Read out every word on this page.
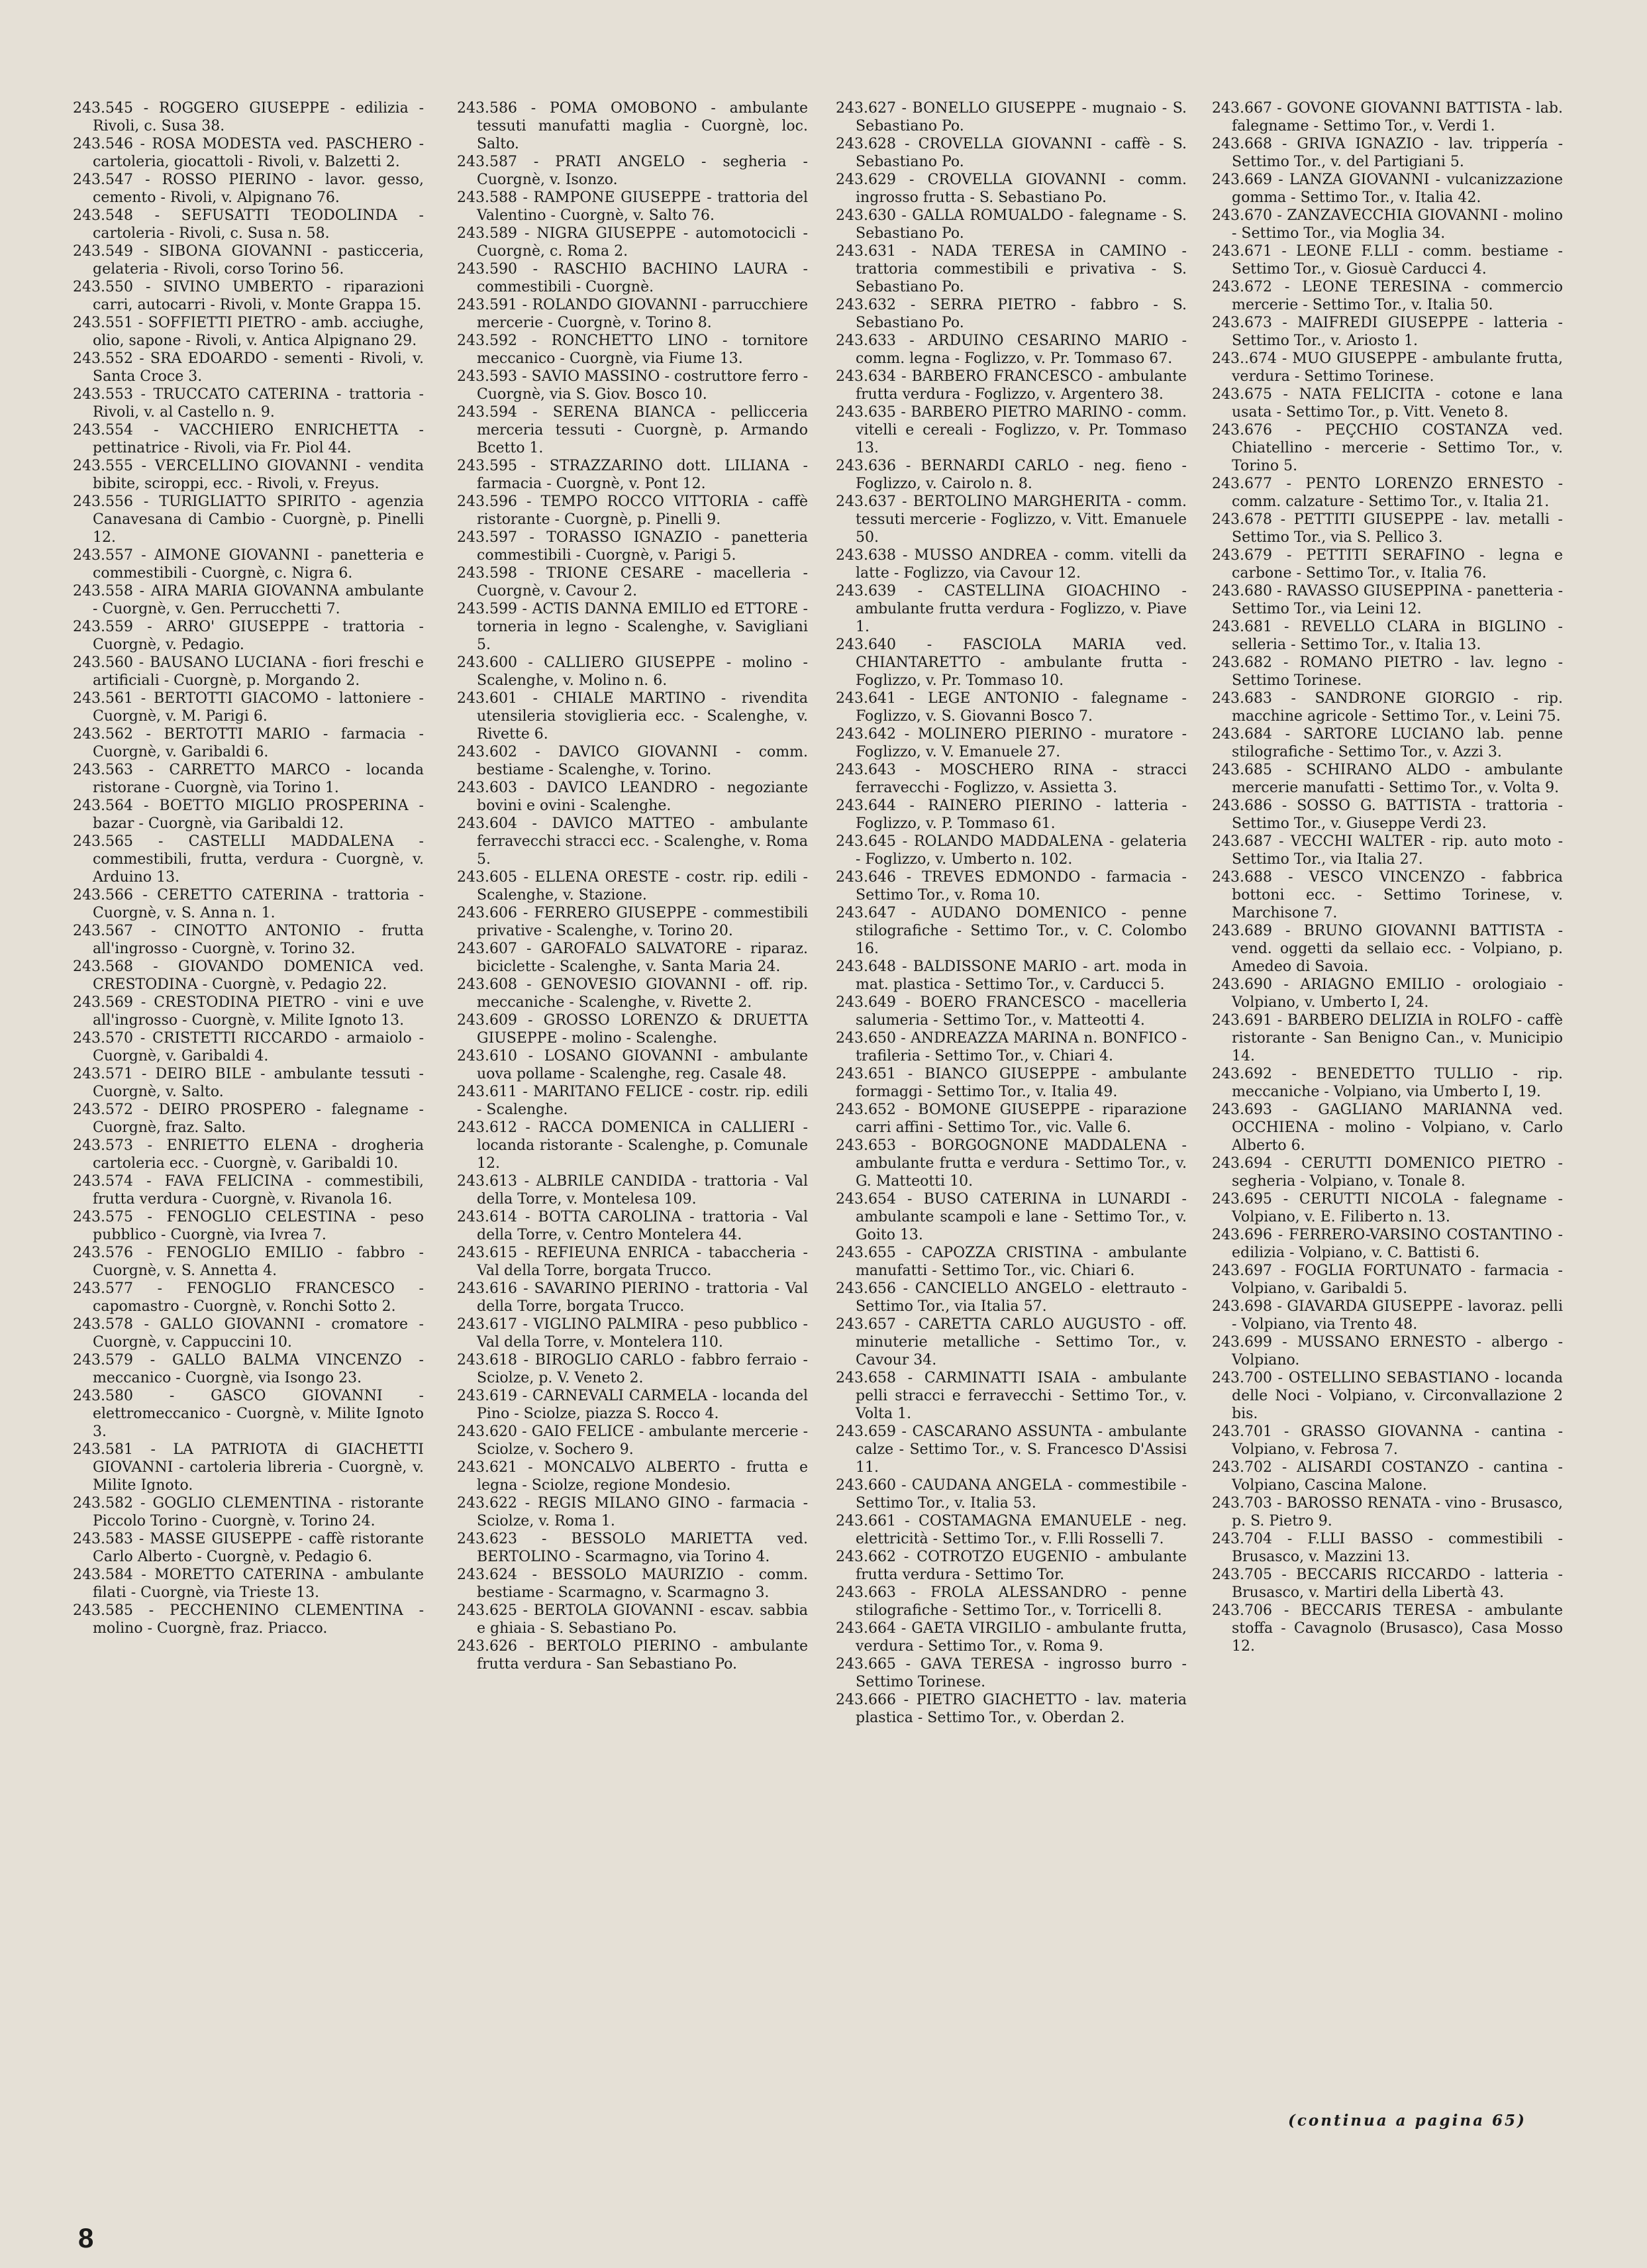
243.545 - ROGGERO GIUSEPPE - edilizia - Rivoli, c. Susa 38.

243.546 - ROSA MODESTA ved. PASCHERO - cartoleria, giocattoli - Rivoli, v. Balzetti 2.

243.547 - ROSSO PIERINO - lavor. gesso, cemento - Rivoli, v. Alpignano 76.

243.548 - SEFUSATTI TEODOLINDA - cartoleria - Rivoli, c. Susa n. 58.

243.549 - SIBONA GIOVANNI - pasticceria, gelateria - Rivoli, corso Torino 56.

243.550 - SIVINO UMBERTO - riparazioni carri, autocarri - Rivoli, v. Monte Grappa 15.

243.551 - SOFFIETTI PIETRO - amb. acciughe, olio, sapone - Rivoli, v. Antica Alpignano 29.

243.552 - SRA EDOARDO - sementi - Rivoli, v. Santa Croce 3.

243.553 - TRUCCATO CATERINA - trattoria - Rivoli, v. al Castello n. 9.

243.554 - VACCHIERO ENRICHETTA - pettinatrice - Rivoli, via Fr. Piol 44.

243.555 - VERCELLINO GIOVANNI - vendita bibite, sciroppi, ecc. - Rivoli, v. Freyus.

243.556 - TURIGLIATTO SPIRITO - agenzia Canavesana di Cambio - Cuorgnè, p. Pinelli 12.

243.557 - AIMONE GIOVANNI - panetteria e commestibili - Cuorgnè, c. Nigra 6.

243.558 - AIRA MARIA GIOVANNA ambulante - Cuorgnè, v. Gen. Perrucchetti 7.

243.559 - ARRO' GIUSEPPE - trattoria - Cuorgnè, v. Pedagio.

243.560 - BAUSANO LUCIANA - fiori freschi e artificiali - Cuorgnè, p. Morgando 2.

243.561 - BERTOTTI GIACOMO - lattoniere - Cuorgnè, v. M. Parigi 6.

243.562 - BERTOTTI MARIO - farmacia - Cuorgnè, v. Garibaldi 6.

243.563 - CARRETTO MARCO - locanda ristorane - Cuorgnè, via Torino 1.

243.564 - BOETTO MIGLIO PROSPERINA - bazar - Cuorgnè, via Garibaldi 12.

243.565 - CASTELLI MADDALENA - commestibili, frutta, verdura - Cuorgnè, v. Arduino 13.

243.566 - CERETTO CATERINA - trattoria - Cuorgnè, v. S. Anna n. 1.

243.567 - CINOTTO ANTONIO - frutta all'ingrosso - Cuorgnè, v. Torino 32.

243.568 - GIOVANDO DOMENICA ved. CRESTODINA - Cuorgnè, v. Pedagio 22.

243.569 - CRESTODINA PIETRO - vini e uve all'ingrosso - Cuorgnè, v. Milite Ignoto 13.

243.570 - CRISTETTI RICCARDO - armaiolo - Cuorgnè, v. Garibaldi 4.

243.571 - DEIRO BILE - ambulante tessuti - Cuorgnè, v. Salto.

243.572 - DEIRO PROSPERO - falegname - Cuorgnè, fraz. Salto.

243.573 - ENRIETTO ELENA - drogheria cartoleria ecc. - Cuorgnè, v. Garibaldi 10.

243.574 - FAVA FELICINA - commestibili, frutta verdura - Cuorgnè, v. Rivanola 16.

243.575 - FENOGLIO CELESTINA - peso pubblico - Cuorgnè, via Ivrea 7.

243.576 - FENOGLIO EMILIO - fabbro - Cuorgnè, v. S. Annetta 4.

243.577 - FENOGLIO FRANCESCO - capomastro - Cuorgnè, v. Ronchi Sotto 2.

243.578 - GALLO GIOVANNI - cromatore - Cuorgnè, v. Cappuccini 10.

243.579 - GALLO BALMA VINCENZO - meccanico - Cuorgnè, via Isongo 23.

243.580 - GASCO GIOVANNI - elettromeccanico - Cuorgnè, v. Milite Ignoto 3.

243.581 - LA PATRIOTA di GIACHETTI GIOVANNI - cartoleria libreria - Cuorgnè, v. Milite Ignoto.

243.582 - GOGLIO CLEMENTINA - ristorante Piccolo Torino - Cuorgnè, v. Torino 24.

243.583 - MASSE GIUSEPPE - caffè ristorante Carlo Alberto - Cuorgnè, v. Pedagio 6.

243.584 - MORETTO CATERINA - ambulante filati - Cuorgnè, via Trieste 13.

243.585 - PECCHENINO CLEMENTINA - molino - Cuorgnè, fraz. Priacco.

243.586 - POMA OMOBONO - ambulante tessuti manufatti maglia - Cuorgnè, loc. Salto.

243.587 - PRATI ANGELO - segheria - Cuorgnè, v. Isonzo.

243.588 - RAMPONE GIUSEPPE - trattoria del Valentino - Cuorgnè, v. Salto 76.

243.589 - NIGRA GIUSEPPE - automotocicli - Cuorgnè, c. Roma 2.

243.590 - RASCHIO BACHINO LAURA - commestibili - Cuorgnè.

243.591 - ROLANDO GIOVANNI - parrucchiere mercerie - Cuorgnè, v. Torino 8.

243.592 - RONCHETTO LINO - tornitore meccanico - Cuorgnè, via Fiume 13.

243.593 - SAVIO MASSINO - costruttore ferro - Cuorgnè, via S. Giov. Bosco 10.

243.594 - SERENA BIANCA - pellicceria merceria tessuti - Cuorgnè, p. Armando Bcetto 1.

243.595 - STRAZZARINO dott. LILIANA - farmacia - Cuorgnè, v. Pont 12.

243.596 - TEMPO ROCCO VITTORIA - caffè ristorante - Cuorgnè, p. Pinelli 9.

243.597 - TORASSO IGNAZIO - panetteria commestibili - Cuorgnè, v. Parigi 5.

243.598 - TRIONE CESARE - macelleria - Cuorgnè, v. Cavour 2.

243.599 - ACTIS DANNA EMILIO ed ETTORE - torneria in legno - Scalenghe, v. Savigliani 5.

243.600 - CALLIERO GIUSEPPE - molino - Scalenghe, v. Molino n. 6.

243.601 - CHIALE MARTINO - rivendita utensileria stoviglieria ecc. - Scalenghe, v. Rivette 6.

243.602 - DAVICO GIOVANNI - comm. bestiame - Scalenghe, v. Torino.

243.603 - DAVICO LEANDRO - negoziante bovini e ovini - Scalenghe.

243.604 - DAVICO MATTEO - ambulante ferravecchi stracci ecc. - Scalenghe, v. Roma 5.

243.605 - ELLENA ORESTE - costr. rip. edili - Scalenghe, v. Stazione.

243.606 - FERRERO GIUSEPPE - commestibili privative - Scalenghe, v. Torino 20.

243.607 - GAROFALO SALVATORE - riparaz. biciclette - Scalenghe, v. Santa Maria 24.

243.608 - GENOVESIO GIOVANNI - off. rip. meccaniche - Scalenghe, v. Rivette 2.

243.609 - GROSSO LORENZO & DRUETTA GIUSEPPE - molino - Scalenghe.

243.610 - LOSANO GIOVANNI - ambulante uova pollame - Scalenghe, reg. Casale 48.

243.611 - MARITANO FELICE - costr. rip. edili - Scalenghe.

243.612 - RACCA DOMENICA in CALLIERI - locanda ristorante - Scalenghe, p. Comunale 12.

243.613 - ALBRILE CANDIDA - trattoria - Val della Torre, v. Montelesa 109.

243.614 - BOTTA CAROLINA - trattoria - Val della Torre, v. Centro Montelera 44.

243.615 - REFIEUNA ENRICA - tabaccheria - Val della Torre, borgata Trucco.

243.616 - SAVARINO PIERINO - trattoria - Val della Torre, borgata Trucco.

243.617 - VIGLINO PALMIRA - peso pubblico - Val della Torre, v. Montelera 110.

243.618 - BIROGLIO CARLO - fabbro ferraio - Sciolze, p. V. Veneto 2.

243.619 - CARNEVALI CARMELA - locanda del Pino - Sciolze, piazza S. Rocco 4.

243.620 - GAIO FELICE - ambulante mercerie - Sciolze, v. Sochero 9.

243.621 - MONCALVO ALBERTO - frutta e legna - Sciolze, regione Mondesio.

243.622 - REGIS MILANO GINO - farmacia - Sciolze, v. Roma 1.

243.623 - BESSOLO MARIETTA ved. BERTOLINO - Scarmagno, via Torino 4.

243.624 - BESSOLO MAURIZIO - comm. bestiame - Scarmagno, v. Scarmagno 3.

243.625 - BERTOLA GIOVANNI - escav. sabbia e ghiaia - S. Sebastiano Po.

243.626 - BERTOLO PIERINO - ambulante frutta verdura - San Sebastiano Po.

243.627 - BONELLO GIUSEPPE - mugnaio - S. Sebastiano Po.

243.628 - CROVELLA GIOVANNI - caffè - S. Sebastiano Po.

243.629 - CROVELLA GIOVANNI - comm. ingrosso frutta - S. Sebastiano Po.

243.630 - GALLA ROMUALDO - falegname - S. Sebastiano Po.

243.631 - NADA TERESA in CAMINO - trattoria commestibili e privativa - S. Sebastiano Po.

243.632 - SERRA PIETRO - fabbro - S. Sebastiano Po.

243.633 - ARDUINO CESARINO MARIO - comm. legna - Foglizzo, v. Pr. Tommaso 67.

243.634 - BARBERO FRANCESCO - ambulante frutta verdura - Foglizzo, v. Argentero 38.

243.635 - BARBERO PIETRO MARINO - comm. vitelli e cereali - Foglizzo, v. Pr. Tommaso 13.

243.636 - BERNARDI CARLO - neg. fieno - Foglizzo, v. Cairolo n. 8.

243.637 - BERTOLINO MARGHERITA - comm. tessuti mercerie - Foglizzo, v. Vitt. Emanuele 50.

243.638 - MUSSO ANDREA - comm. vitelli da latte - Foglizzo, via Cavour 12.

243.639 - CASTELLINA GIOACHINO - ambulante frutta verdura - Foglizzo, v. Piave 1.

243.640 - FASCIOLA MARIA ved. CHIANTARETTO - ambulante frutta - Foglizzo, v. Pr. Tommaso 10.

243.641 - LEGE ANTONIO - falegname - Foglizzo, v. S. Giovanni Bosco 7.

243.642 - MOLINERO PIERINO - muratore - Foglizzo, v. V. Emanuele 27.

243.643 - MOSCHERO RINA - stracci ferravecchi - Foglizzo, v. Assietta 3.

243.644 - RAINERO PIERINO - latteria - Foglizzo, v. P. Tommaso 61.

243.645 - ROLANDO MADDALENA - gelateria - Foglizzo, v. Umberto n. 102.

243.646 - TREVES EDMONDO - farmacia - Settimo Tor., v. Roma 10.

243.647 - AUDANO DOMENICO - penne stilografiche - Settimo Tor., v. C. Colombo 16.

243.648 - BALDISSONE MARIO - art. moda in mat. plastica - Settimo Tor., v. Carducci 5.

243.649 - BOERO FRANCESCO - macelleria salumeria - Settimo Tor., v. Matteotti 4.

243.650 - ANDREAZZA MARINA n. BONFICO - trafileria - Settimo Tor., v. Chiari 4.

243.651 - BIANCO GIUSEPPE - ambulante formaggi - Settimo Tor., v. Italia 49.

243.652 - BOMONE GIUSEPPE - riparazione carri affini - Settimo Tor., vic. Valle 6.

243.653 - BORGOGNONE MADDALENA - ambulante frutta e verdura - Settimo Tor., v. G. Matteotti 10.

243.654 - BUSO CATERINA in LUNARDI - ambulante scampoli e lane - Settimo Tor., v. Goito 13.

243.655 - CAPOZZA CRISTINA - ambulante manufatti - Settimo Tor., vic. Chiari 6.

243.656 - CANCIELLO ANGELO - elettrauto - Settimo Tor., via Italia 57.

243.657 - CARETTA CARLO AUGUSTO - off. minuterie metalliche - Settimo Tor., v. Cavour 34.

243.658 - CARMINATTI ISAIA - ambulante pelli stracci e ferravecchi - Settimo Tor., v. Volta 1.

243.659 - CASCARANO ASSUNTA - ambulante calze - Settimo Tor., v. S. Francesco D'Assisi 11.

243.660 - CAUDANA ANGELA - commestibile - Settimo Tor., v. Italia 53.

243.661 - COSTAMAGNA EMANUELE - neg. elettricità - Settimo Tor., v. F.lli Rosselli 7.

243.662 - COTROTZO EUGENIO - ambulante frutta verdura - Settimo Tor.

243.663 - FROLA ALESSANDRO - penne stilografiche - Settimo Tor., v. Torricelli 8.

243.664 - GAETA VIRGILIO - ambulante frutta, verdura - Settimo Tor., v. Roma 9.

243.665 - GAVA TERESA - ingrosso burro - Settimo Torinese.

243.666 - PIETRO GIACHETTO - lav. materia plastica - Settimo Tor., v. Oberdan 2.

243.667 - GOVONE GIOVANNI BATTISTA - lab. falegname - Settimo Tor., v. Verdi 1.

243.668 - GRIVA IGNAZIO - lav. trippería - Settimo Tor., v. del Partigiani 5.

243.669 - LANZA GIOVANNI - vulcanizzazione gomma - Settimo Tor., v. Italia 42.

243.670 - ZANZAVECCHIA GIOVANNI - molino - Settimo Tor., via Moglia 34.

243.671 - LEONE F.LLI - comm. bestiame - Settimo Tor., v. Giosuè Carducci 4.

243.672 - LEONE TERESINA - commercio mercerie - Settimo Tor., v. Italia 50.

243.673 - MAIFREDI GIUSEPPE - latteria - Settimo Tor., v. Ariosto 1.

243..674 - MUO GIUSEPPE - ambulante frutta, verdura - Settimo Torinese.

243.675 - NATA FELICITA - cotone e lana usata - Settimo Tor., p. Vitt. Veneto 8.

243.676 - PEÇCHIO COSTANZA ved. Chiatellino - mercerie - Settimo Tor., v. Torino 5.

243.677 - PENTO LORENZO ERNESTO - comm. calzature - Settimo Tor., v. Italia 21.

243.678 - PETTITI GIUSEPPE - lav. metalli - Settimo Tor., via S. Pellico 3.

243.679 - PETTITI SERAFINO - legna e carbone - Settimo Tor., v. Italia 76.

243.680 - RAVASSO GIUSEPPINA - panetteria - Settimo Tor., via Leini 12.

243.681 - REVELLO CLARA in BIGLINO - selleria - Settimo Tor., v. Italia 13.

243.682 - ROMANO PIETRO - lav. legno - Settimo Torinese.

243.683 - SANDRONE GIORGIO - rip. macchine agricole - Settimo Tor., v. Leini 75.

243.684 - SARTORE LUCIANO lab. penne stilografiche - Settimo Tor., v. Azzi 3.

243.685 - SCHIRANO ALDO - ambulante mercerie manufatti - Settimo Tor., v. Volta 9.

243.686 - SOSSO G. BATTISTA - trattoria - Settimo Tor., v. Giuseppe Verdi 23.

243.687 - VECCHI WALTER - rip. auto moto - Settimo Tor., via Italia 27.

243.688 - VESCO VINCENZO - fabbrica bottoni ecc. - Settimo Torinese, v. Marchisone 7.

243.689 - BRUNO GIOVANNI BATTISTA - vend. oggetti da sellaio ecc. - Volpiano, p. Amedeo di Savoia.

243.690 - ARIAGNO EMILIO - orologiaio - Volpiano, v. Umberto I, 24.

243.691 - BARBERO DELIZIA in ROLFO - caffè ristorante - San Benigno Can., v. Municipio 14.

243.692 - BENEDETTO TULLIO - rip. meccaniche - Volpiano, via Umberto I, 19.

243.693 - GAGLIANO MARIANNA ved. OCCHIENA - molino - Volpiano, v. Carlo Alberto 6.

243.694 - CERUTTI DOMENICO PIETRO - segheria - Volpiano, v. Tonale 8.

243.695 - CERUTTI NICOLA - falegname - Volpiano, v. E. Filiberto n. 13.

243.696 - FERRERO-VARSINO COSTANTINO - edilizia - Volpiano, v. C. Battisti 6.

243.697 - FOGLIA FORTUNATO - farmacia - Volpiano, v. Garibaldi 5.

243.698 - GIAVARDA GIUSEPPE - lavoraz. pelli - Volpiano, via Trento 48.

243.699 - MUSSANO ERNESTO - albergo - Volpiano.

243.700 - OSTELLINO SEBASTIANO - locanda delle Noci - Volpiano, v. Circonvallazione 2 bis.

243.701 - GRASSO GIOVANNA - cantina - Volpiano, v. Febrosa 7.

243.702 - ALISARDI COSTANZO - cantina - Volpiano, Cascina Malone.

243.703 - BAROSSO RENATA - vino - Brusasco, p. S. Pietro 9.

243.704 - F.LLI BASSO - commestibili - Brusasco, v. Mazzini 13.

243.705 - BECCARIS RICCARDO - latteria - Brusasco, v. Martiri della Libertà 43.

243.706 - BECCARIS TERESA - ambulante stoffa - Cavagnolo (Brusasco), Casa Mosso 12.

(continua a pagina 65)
8
